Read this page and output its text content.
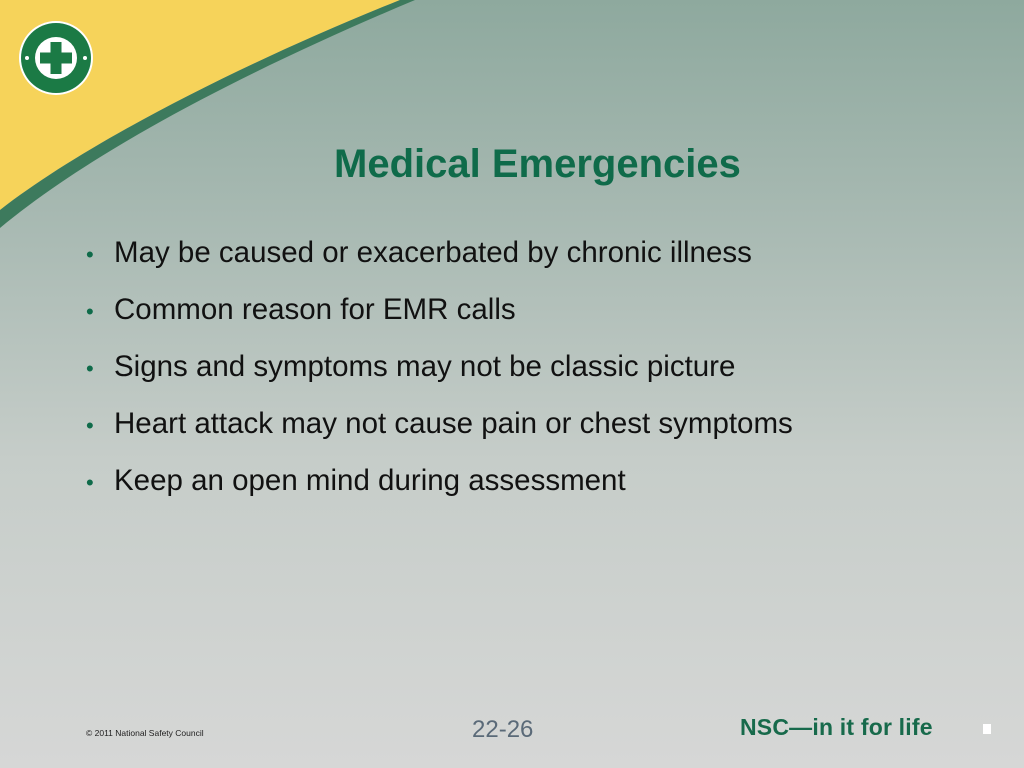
Medical Emergencies
• May be caused or exacerbated by chronic illness
• Common reason for EMR calls
• Signs and symptoms may not be classic picture
• Heart attack may not cause pain or chest symptoms
• Keep an open mind during assessment
© 2011 National Safety Council	22-26	NSC—in it for life
